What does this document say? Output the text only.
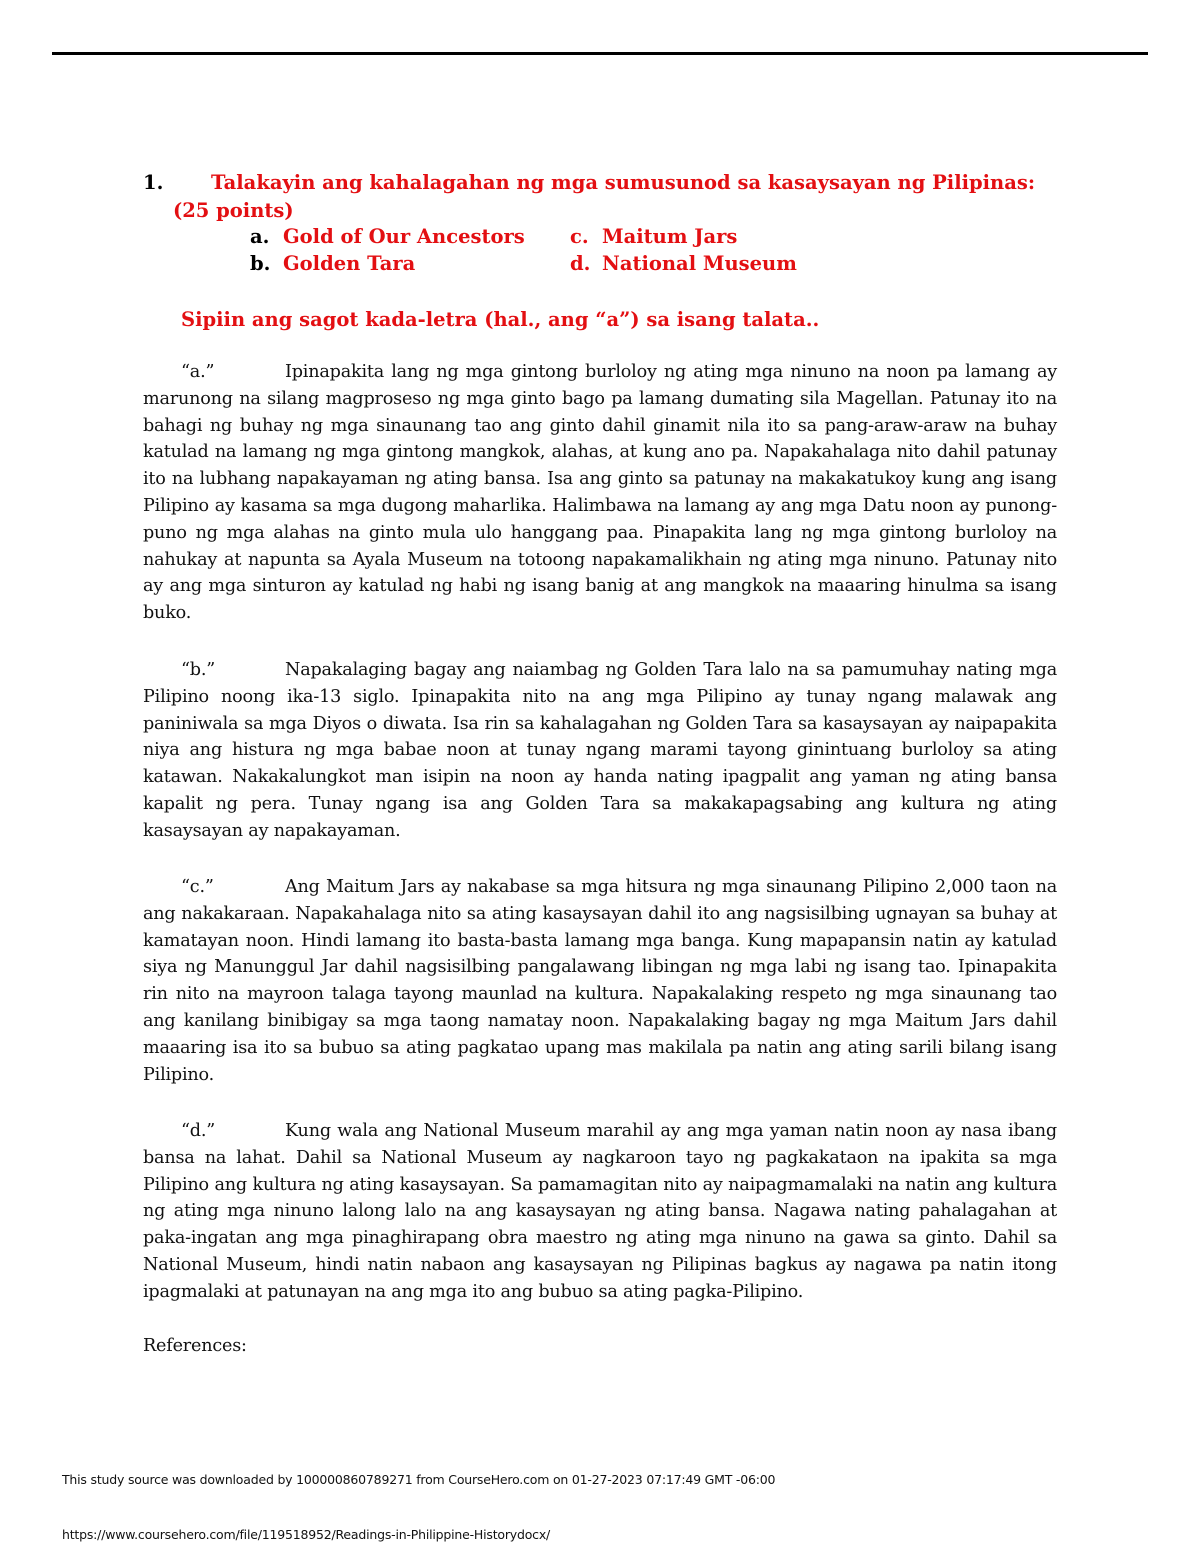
1.	Talakayin ang kahalagahan ng mga sumusunod sa kasaysayan ng Pilipinas:
(25 points)
a. Gold of Our Ancestors c. Maitum Jars
b. Golden Tara	d. National Museum
Sipiin ang sagot kada-letra (hal., ang “a”) sa isang talata..
“a.”	Ipinapakita lang ng mga gintong burloloy ng ating mga ninuno na noon pa lamang ay marunong na silang magproseso ng mga ginto bago pa lamang dumating sila Magellan. Patunay ito na bahagi ng buhay ng mga sinaunang tao ang ginto dahil ginamit nila ito sa pang-araw-araw na buhay katulad na lamang ng mga gintong mangkok, alahas, at kung ano pa. Napakahalaga nito dahil patunay ito na lubhang napakayaman ng ating bansa. Isa ang ginto sa patunay na makakatukoy kung ang isang Pilipino ay kasama sa mga dugong maharlika. Halimbawa na lamang ay ang mga Datu noon ay punong-puno ng mga alahas na ginto mula ulo hanggang paa. Pinapakita lang ng mga gintong burloloy na nahukay at napunta sa Ayala Museum na totoong napakamalikhain ng ating mga ninuno. Patunay nito ay ang mga sinturon ay katulad ng habi ng isang banig at ang mangkok na maaaring hinulma sa isang buko.
“b.”	Napakalaging bagay ang naiambag ng Golden Tara lalo na sa pamumuhay nating mga Pilipino noong ika-13 siglo. Ipinapakita nito na ang mga Pilipino ay tunay ngang malawak ang paniniwala sa mga Diyos o diwata. Isa rin sa kahalagahan ng Golden Tara sa kasaysayan ay naipapakita niya ang histura ng mga babae noon at tunay ngang marami tayong ginintuang burloloy sa ating katawan. Nakakalungkot man isipin na noon ay handa nating ipagpalit ang yaman ng ating bansa kapalit ng pera. Tunay ngang isa ang Golden Tara sa makakapagsabing ang kultura ng ating kasaysayan ay napakayaman.
“c.”	Ang Maitum Jars ay nakabase sa mga hitsura ng mga sinaunang Pilipino 2,000 taon na ang nakakaraan. Napakahalaga nito sa ating kasaysayan dahil ito ang nagsisilbing ugnayan sa buhay at kamatayan noon. Hindi lamang ito basta-basta lamang mga banga. Kung mapapansin natin ay katulad siya ng Manunggul Jar dahil nagsisilbing pangalawang libingan ng mga labi ng isang tao. Ipinapakita rin nito na mayroon talaga tayong maunlad na kultura. Napakalaking respeto ng mga sinaunang tao ang kanilang binibigay sa mga taong namatay noon. Napakalaking bagay ng mga Maitum Jars dahil maaaring isa ito sa bubuo sa ating pagkatao upang mas makilala pa natin ang ating sarili bilang isang Pilipino.
“d.”	Kung wala ang National Museum marahil ay ang mga yaman natin noon ay nasa ibang bansa na lahat. Dahil sa National Museum ay nagkaroon tayo ng pagkakataon na ipakita sa mga Pilipino ang kultura ng ating kasaysayan. Sa pamamagitan nito ay naipagmamalaki na natin ang kultura ng ating mga ninuno lalong lalo na ang kasaysayan ng ating bansa. Nagawa nating pahalagahan at paka-ingatan ang mga pinaghirapang obra maestro ng ating mga ninuno na gawa sa ginto. Dahil sa National Museum, hindi natin nabaon ang kasaysayan ng Pilipinas bagkus ay nagawa pa natin itong ipagmalaki at patunayan na ang mga ito ang bubuo sa ating pagka-Pilipino.
References:
This study source was downloaded by 100000860789271 from CourseHero.com on 01-27-2023 07:17:49 GMT -06:00
https://www.coursehero.com/file/119518952/Readings-in-Philippine-Historydocx/
